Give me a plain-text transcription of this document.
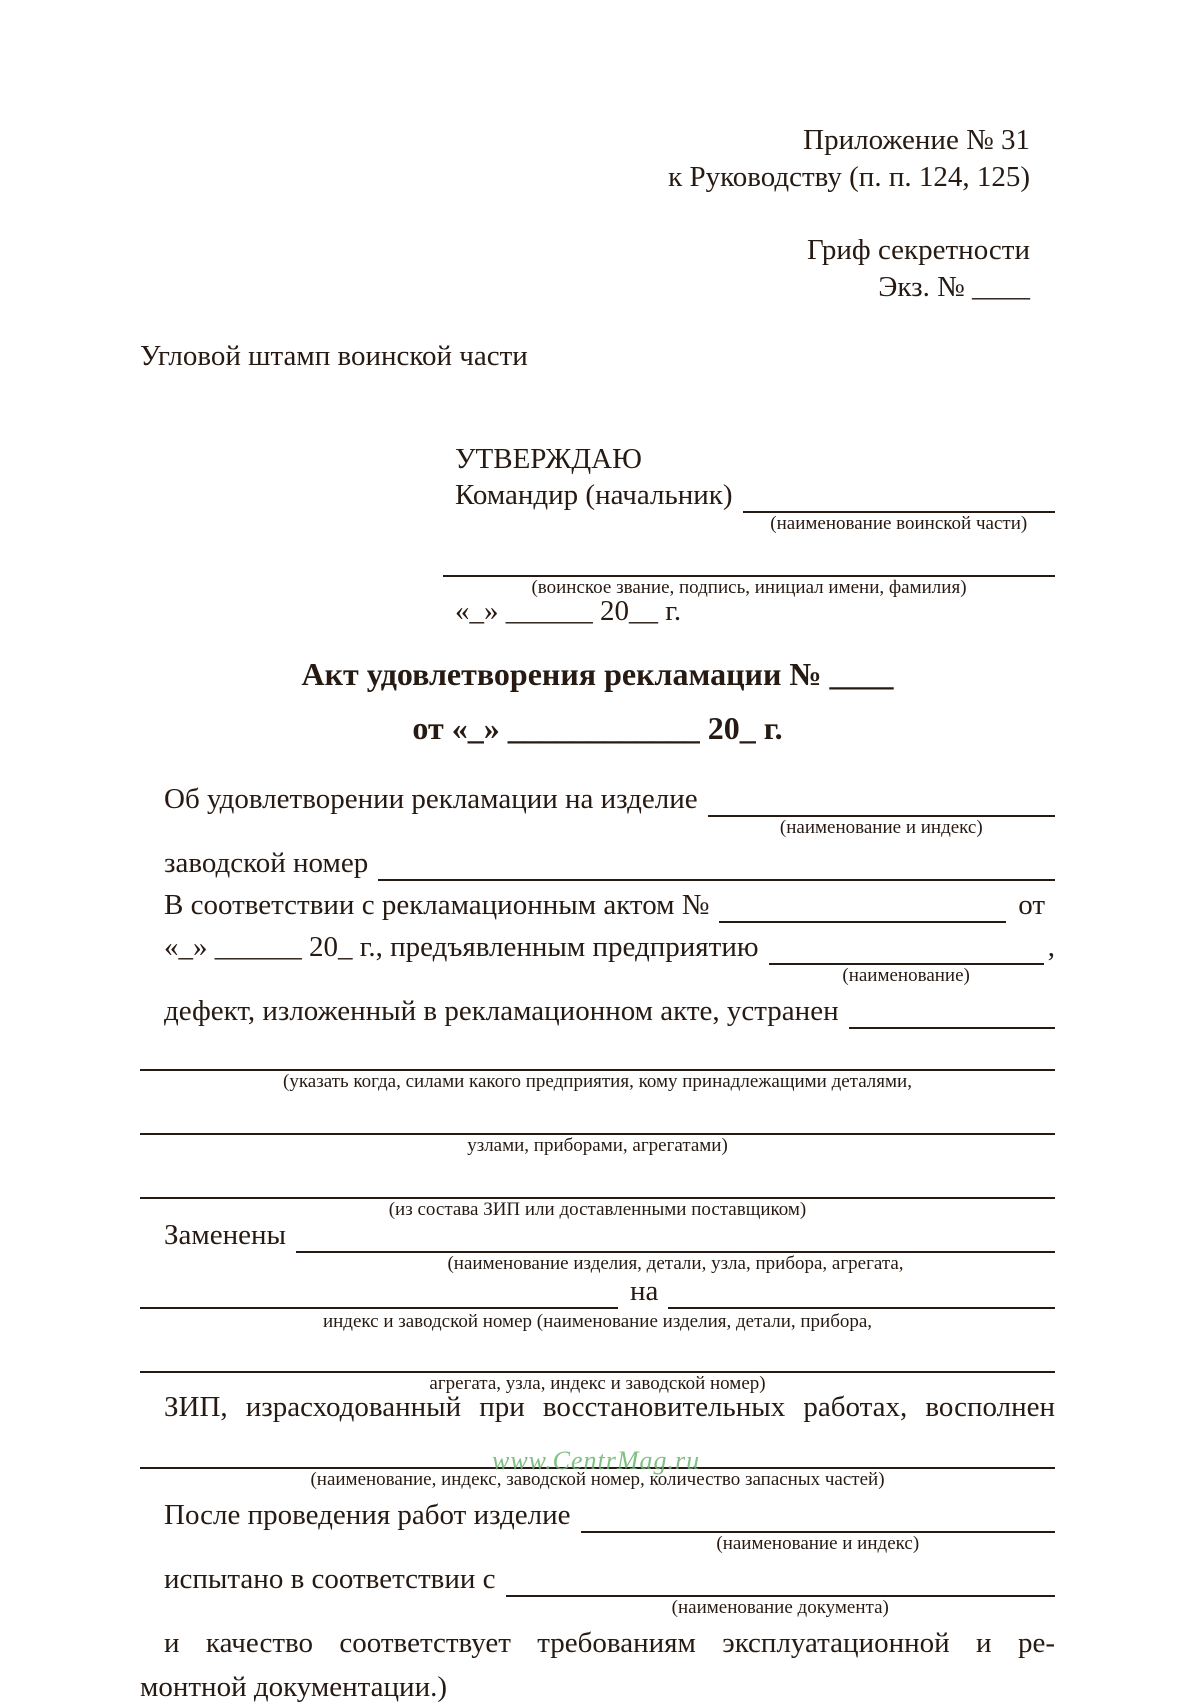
Приложение № 31
к Руководству (п. п. 124, 125)
Гриф секретности
Экз. № ____
Угловой штамп воинской части
УТВЕРЖДАЮ
Командир (начальник)
(наименование воинской части)
(воинское звание, подпись, инициал имени, фамилия)
«_» ______ 20__ г.
Акт удовлетворения рекламации № ____
от «_» ____________ 20_ г.
Об удовлетворении рекламации на изделие
(наименование и индекс)
заводской номер
В соответствии с рекламационным актом №	от
«_» ______ 20_ г., предъявленным предприятию
(наименование)
,
дефект, изложенный в рекламационном акте, устранен
(указать когда, силами какого предприятия, кому принадлежащими деталями,
узлами, приборами, агрегатами)
(из состава ЗИП или доставленными поставщиком)
Заменены
(наименование изделия, детали, узла, прибора, агрегата,
на
индекс и заводской номер (наименование изделия, детали, прибора,
агрегата, узла, индекс и заводской номер)
ЗИП, израсходованный при восстановительных работах, восполнен
(наименование, индекс, заводской номер, количество запасных частей)
После проведения работ изделие
(наименование и индекс)
испытано в соответствии с
(наименование документа)
и качество соответствует требованиям эксплуатационной и ре-
монтной документации.)
www.CentrMag.ru
